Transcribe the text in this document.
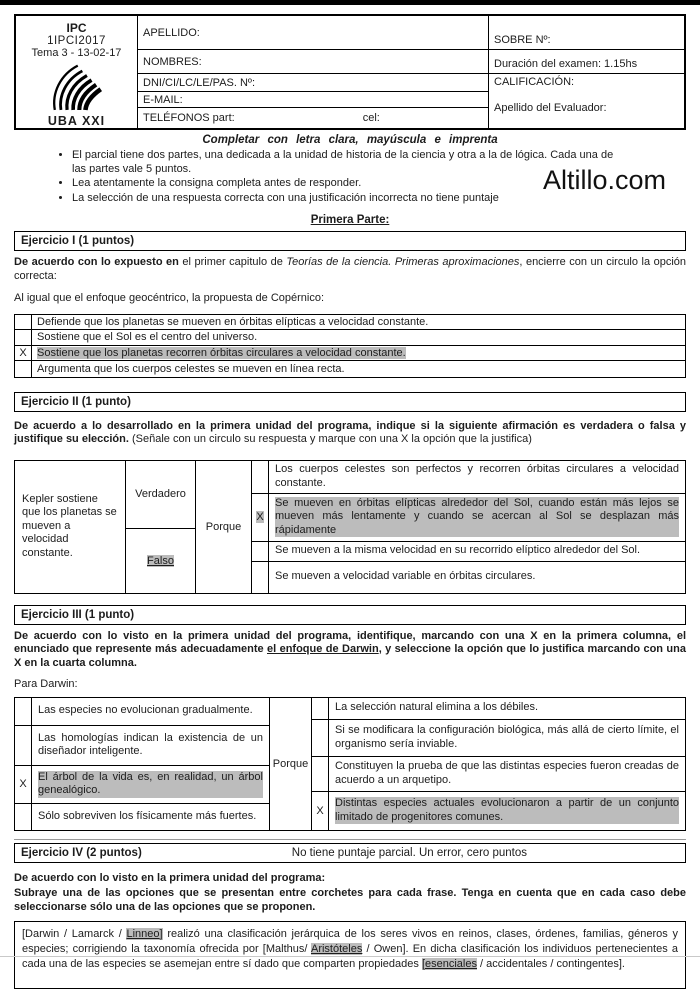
IPC
1IPCI2017
Tema 3 - 13-02-17
UBA XXI
APELLIDO:
NOMBRES:
DNI/CI/LC/LE/PAS. Nº:
E-MAIL:
TELÉFONOS part:	cel:
SOBRE Nº:
Duración del examen: 1.15hs
CALIFICACIÓN:
Apellido del Evaluador:
Completar con letra clara, mayúscula e imprenta
• El parcial tiene dos partes, una dedicada a la unidad de historia de la ciencia y otra a la de lógica. Cada una de las partes vale 5 puntos.
• Lea atentamente la consigna completa antes de responder.
• La selección de una respuesta correcta con una justificación incorrecta no tiene puntaje
Altillo.com
Primera Parte:
Ejercicio I (1 puntos)

De acuerdo con lo expuesto en el primer capitulo de Teorías de la ciencia. Primeras aproximaciones, encierre con un circulo la opción correcta:

Al igual que el enfoque geocéntrico, la propuesta de Copérnico:

Defiende que los planetas se mueven en órbitas elípticas a velocidad constante.
Sostiene que el Sol es el centro del universo.
X Sostiene que los planetas recorren órbitas circulares a velocidad constante.
Argumenta que los cuerpos celestes se mueven en línea recta.
Ejercicio II (1 punto)

De acuerdo a lo desarrollado en la primera unidad del programa, indique si la siguiente afirmación es verdadera o falsa y justifique su elección. (Señale con un circulo su respuesta y marque con una X la opción que la justifica)

Kepler sostiene que los planetas se mueven a velocidad constante.
Verdadero
Falso
Porque
Los cuerpos celestes son perfectos y recorren órbitas circulares a velocidad constante.
X
Se mueven en órbitas elípticas alrededor del Sol, cuando están más lejos se mueven más lentamente y cuando se acercan al Sol se desplazan más rápidamente
Se mueven a la misma velocidad en su recorrido elíptico alrededor del Sol.
Se mueven a velocidad variable en órbitas circulares.
Ejercicio III (1 punto)

De acuerdo con lo visto en la primera unidad del programa, identifique, marcando con una X en la primera columna, el enunciado que represente más adecuadamente el enfoque de Darwin, y seleccione la opción que lo justifica marcando con una X en la cuarta columna.

Para Darwin:

Las especies no evolucionan gradualmente.
Las homologías indican la existencia de un diseñador inteligente.
X
El árbol de la vida es, en realidad, un árbol genealógico.
Sólo sobreviven los físicamente más fuertes.
Porque
La selección natural elimina a los débiles.
Si se modificara la configuración biológica, más allá de cierto límite, el organismo sería inviable.
Constituyen la prueba de que las distintas especies fueron creadas de acuerdo a un arquetipo.
X
Distintas especies actuales evolucionaron a partir de un conjunto limitado de progenitores comunes.
Ejercicio IV (2 puntos)	No tiene puntaje parcial. Un error, cero puntos

De acuerdo con lo visto en la primera unidad del programa:

Subraye una de las opciones que se presentan entre corchetes para cada frase. Tenga en cuenta que en cada caso debe seleccionarse sólo una de las opciones que se proponen.

[Darwin / Lamarck / Linneo] realizó una clasificación jerárquica de los seres vivos en reinos, clases, órdenes, familias, géneros y especies; corrigiendo la taxonomía ofrecida por [Malthus/ Aristóteles / Owen]. En dicha clasificación los individuos pertenecientes a cada una de las especies se asemejan entre sí dado que comparten propiedades [esenciales / accidentales / contingentes].
